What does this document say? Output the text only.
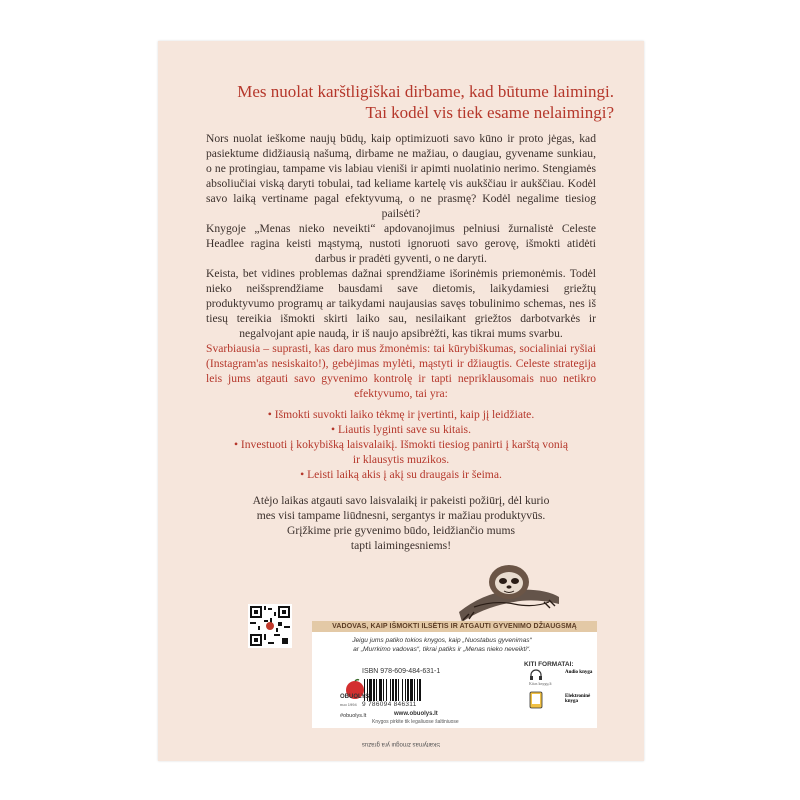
Mes nuolat karštligiškai dirbame, kad būtume laimingi.
Tai kodėl vis tiek esame nelaimingi?

Nors nuolat ieškome naujų būdų, kaip optimizuoti savo kūno ir proto jėgas, kad pasiektume didžiausią našumą, dirbame ne mažiau, o daugiau, gyvename sunkiau, o ne protingiau, tampame vis labiau vieniši ir apimti nuolatinio nerimo. Stengiamės absoliučiai viską daryti tobulai, tad keliame kartelę vis aukščiau ir aukščiau. Kodėl savo laiką vertiname pagal efektyvumą, o ne prasmę? Kodėl negalime tiesiog pailsėti?

Knygoje „Menas nieko neveikti“ apdovanojimus pelniusi žurnalistė Celeste Headlee ragina keisti mąstymą, nustoti ignoruoti savo gerovę, išmokti atidėti darbus ir pradėti gyventi, o ne daryti.

Keista, bet vidines problemas dažnai sprendžiame išorinėmis priemonėmis. Todėl nieko neišsprendžiame bausdami save dietomis, laikydamiesi griežtų produktyvumo programų ar taikydami naujausias savęs tobulinimo schemas, nes iš tiesų tereikia išmokti skirti laiko sau, nesilaikant griežtos darbotvarkės ir negalvojant apie naudą, ir iš naujo apsibrėžti, kas tikrai mums svarbu.

Svarbiausia – suprasti, kas daro mus žmonėmis: tai kūrybiškumas, socialiniai ryšiai (Instagram'as nesiskaito!), gebėjimas mylėti, mąstyti ir džiaugtis. Celeste strategija leis jums atgauti savo gyvenimo kontrolę ir tapti nepriklausomais nuo netikro efektyvumo, tai yra:

• Išmokti suvokti laiko tėkmę ir įvertinti, kaip jį leidžiate.
• Liautis lyginti save su kitais.
• Investuoti į kokybišką laisvalaikį. Išmokti tiesiog panirti į karštą vonią
ir klausytis muzikos.
• Leisti laiką akis į akį su draugais ir šeima.
Atėjo laikas atgauti savo laisvalaikį ir pakeisti požiūrį, dėl kurio
mes visi tampame liūdnesni, sergantys ir mažiau produktyvūs.
Grįžkime prie gyvenimo būdo, leidžiančio mums
tapti laimingesniems!
VADOVAS, KAIP IŠMOKTI ILSĖTIS IR ATGAUTI GYVENIMO DŽIAUGSMĄ
Jeigu jums patiko tokios knygos, kaip „Nuostabus gyvenimas“ ar „Murrkimo vadovas“, tikrai patiks ir „Menas nieko neveikti“.
ISBN 978-609-484-631-1
9 786094 846311
www.obuolys.lt
Knygos pirkite tik legaliuose šaltiniuose
KITI FORMATAI:
Kitas knygų.lt
Audio knyga
Elektroninė knyga
OBUOLYS
nuo 1994
#obuolys.lt
Skaitymas žmogui yra gražus
